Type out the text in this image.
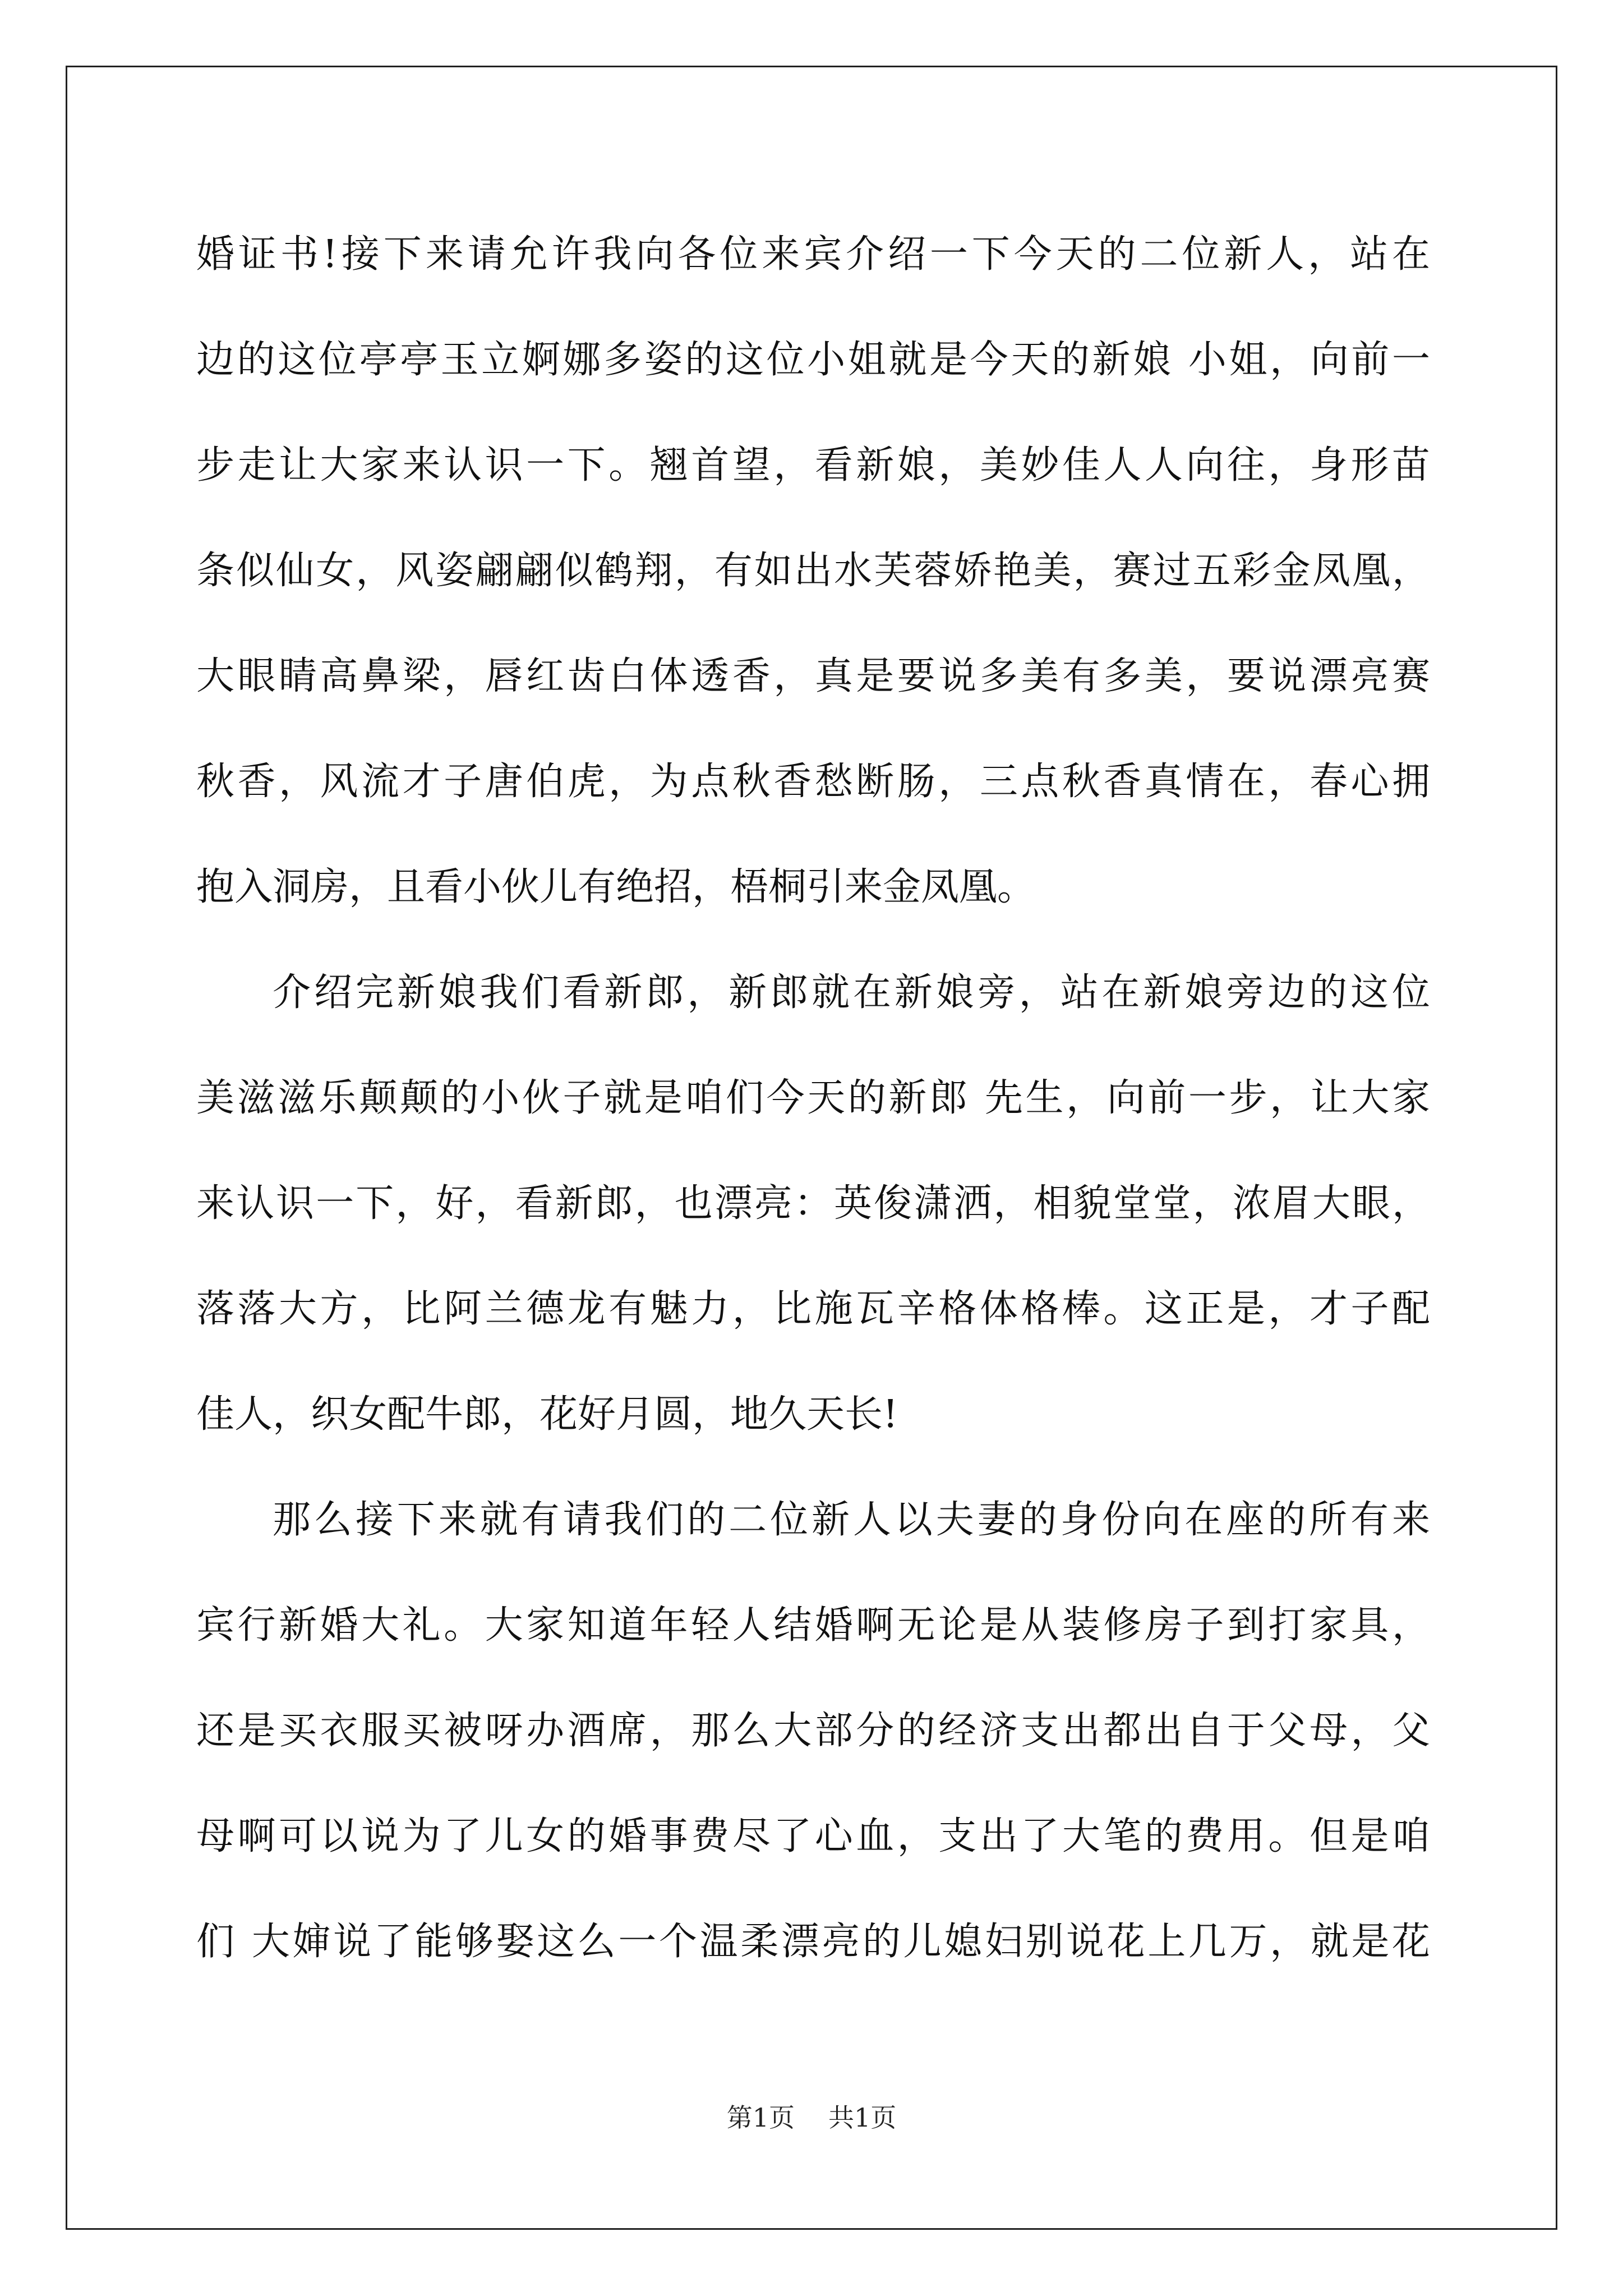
婚证书!接下来请允许我向各位来宾介绍一下今天的二位新人，站在
边的这位亭亭玉立婀娜多姿的这位小姐就是今天的新娘 小姐，向前一
步走让大家来认识一下。翘首望，看新娘，美妙佳人人向往，身形苗
条似仙女，风姿翩翩似鹤翔，有如出水芙蓉娇艳美，赛过五彩金凤凰，
大眼睛高鼻梁，唇红齿白体透香，真是要说多美有多美，要说漂亮赛
秋香，风流才子唐伯虎，为点秋香愁断肠，三点秋香真情在，春心拥
抱入洞房，且看小伙儿有绝招，梧桐引来金凤凰。
介绍完新娘我们看新郎，新郎就在新娘旁，站在新娘旁边的这位
美滋滋乐颠颠的小伙子就是咱们今天的新郎 先生，向前一步，让大家
来认识一下，好，看新郎，也漂亮：英俊潇洒，相貌堂堂，浓眉大眼，
落落大方，比阿兰德龙有魅力，比施瓦辛格体格棒。这正是，才子配
佳人，织女配牛郎，花好月圆，地久天长!
那么接下来就有请我们的二位新人以夫妻的身份向在座的所有来
宾行新婚大礼。大家知道年轻人结婚啊无论是从装修房子到打家具，
还是买衣服买被呀办酒席，那么大部分的经济支出都出自于父母，父
母啊可以说为了儿女的婚事费尽了心血，支出了大笔的费用。但是咱
们 大婶说了能够娶这么一个温柔漂亮的儿媳妇别说花上几万，就是花
第1页 共1页
